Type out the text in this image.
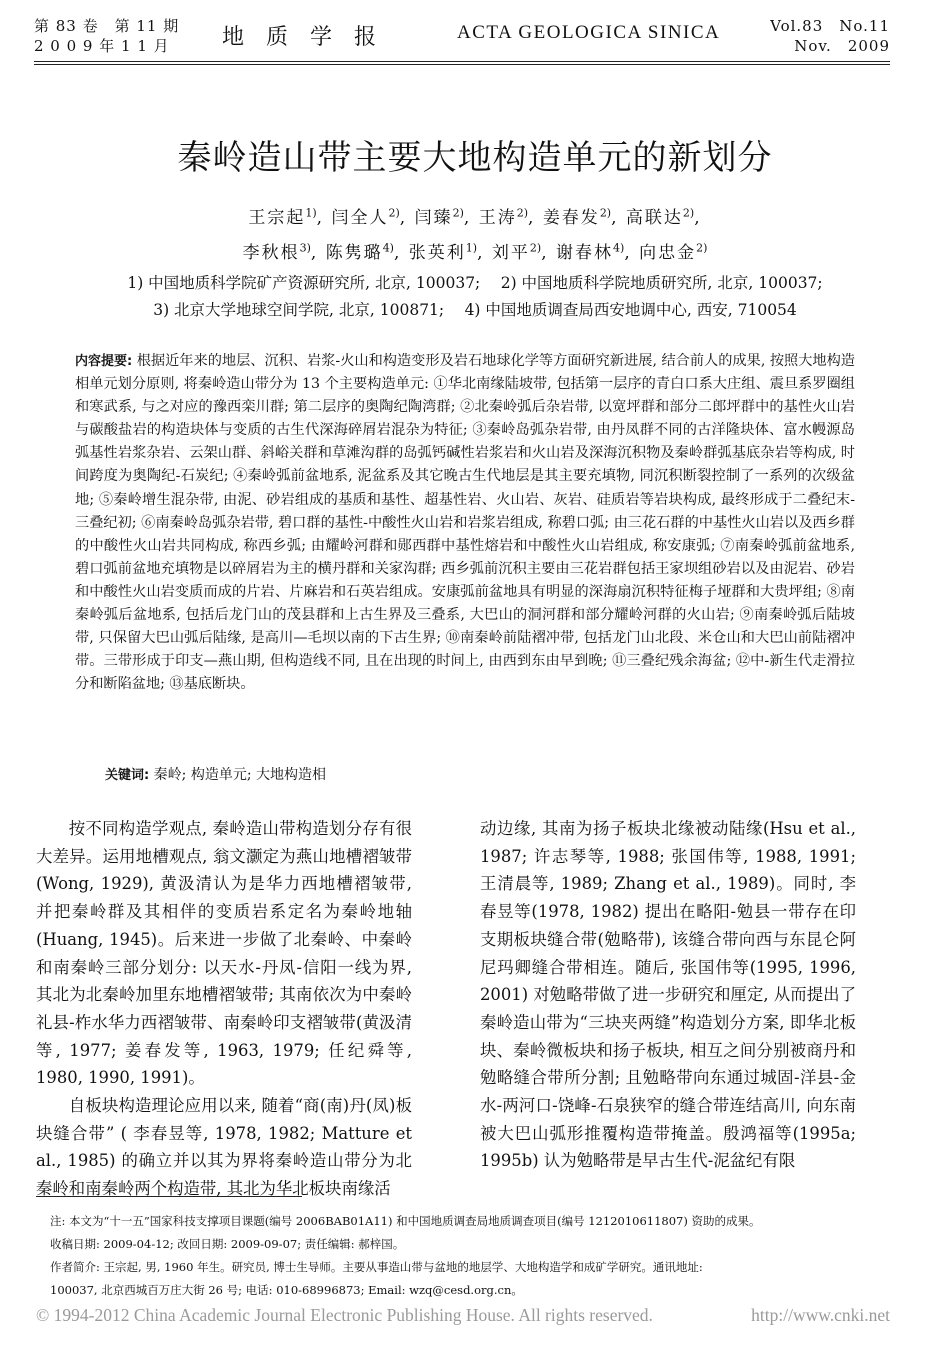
第 83 卷　第 11 期
2 0 0 9 年 1 1 月	地质学报	ACTA GEOLOGICA SINICA	Vol.83　No.11
Nov.　2009
秦岭造山带主要大地构造单元的新划分
王宗起$^{1)}$, 闫全人$^{2)}$, 闫臻$^{2)}$, 王涛$^{2)}$, 姜春发$^{2)}$, 高联达$^{2)}$,
李秋根$^{3)}$, 陈隽璐$^{4)}$, 张英利$^{1)}$, 刘平$^{2)}$, 谢春林$^{4)}$, 向忠金$^{2)}$
1) 中国地质科学院矿产资源研究所, 北京, 100037;　 2) 中国地质科学院地质研究所, 北京, 100037;
3) 北京大学地球空间学院, 北京, 100871;　 4) 中国地质调查局西安地调中心, 西安, 710054
内容提要: 根据近年来的地层、沉积、岩浆-火山和构造变形及岩石地球化学等方面研究新进展, 结合前人的成果, 按照大地构造相单元划分原则, 将秦岭造山带分为 13 个主要构造单元: ①华北南缘陆坡带, 包括第一层序的青白口系大庄组、震旦系罗圈组和寒武系, 与之对应的豫西栾川群; 第二层序的奥陶纪陶湾群; ②北秦岭弧后杂岩带, 以宽坪群和部分二郎坪群中的基性火山岩与碳酸盐岩的构造块体与变质的古生代深海碎屑岩混杂为特征; ③秦岭岛弧杂岩带, 由丹凤群不同的古洋隆块体、富水幔源岛弧基性岩浆杂岩、云架山群、斜峪关群和草滩沟群的岛弧钙碱性岩浆岩和火山岩及深海沉积物及秦岭群弧基底杂岩等构成, 时间跨度为奥陶纪-石炭纪; ④秦岭弧前盆地系, 泥盆系及其它晚古生代地层是其主要充填物, 同沉积断裂控制了一系列的次级盆地; ⑤秦岭增生混杂带, 由泥、砂岩组成的基质和基性、超基性岩、火山岩、灰岩、硅质岩等岩块构成, 最终形成于二叠纪末-三叠纪初; ⑥南秦岭岛弧杂岩带, 碧口群的基性-中酸性火山岩和岩浆岩组成, 称碧口弧; 由三花石群的中基性火山岩以及西乡群的中酸性火山岩共同构成, 称西乡弧; 由耀岭河群和郧西群中基性熔岩和中酸性火山岩组成, 称安康弧; ⑦南秦岭弧前盆地系, 碧口弧前盆地充填物是以碎屑岩为主的横丹群和关家沟群; 西乡弧前沉积主要由三花岩群包括王家坝组砂岩以及由泥岩、砂岩和中酸性火山岩变质而成的片岩、片麻岩和石英岩组成。安康弧前盆地具有明显的深海扇沉积特征梅子垭群和大贵坪组; ⑧南秦岭弧后盆地系, 包括后龙门山的茂县群和上古生界及三叠系, 大巴山的洞河群和部分耀岭河群的火山岩; ⑨南秦岭弧后陆坡带, 只保留大巴山弧后陆缘, 是高川—毛坝以南的下古生界; ⑩南秦岭前陆褶冲带, 包括龙门山北段、米仓山和大巴山前陆褶冲带。三带形成于印支—燕山期, 但构造线不同, 且在出现的时间上, 由西到东由早到晚; ⑪三叠纪残余海盆; ⑫中-新生代走滑拉分和断陷盆地; ⑬基底断块。
关键词: 秦岭; 构造单元; 大地构造相

按不同构造学观点, 秦岭造山带构造划分存有很大差异。运用地槽观点, 翁文灏定为燕山地槽褶皱带(Wong, 1929), 黄汲清认为是华力西地槽褶皱带, 并把秦岭群及其相伴的变质岩系定名为秦岭地轴(Huang, 1945)。后来进一步做了北秦岭、中秦岭和南秦岭三部分划分: 以天水-丹凤-信阳一线为界, 其北为北秦岭加里东地槽褶皱带; 其南依次为中秦岭礼县-柞水华力西褶皱带、南秦岭印支褶皱带(黄汲清等, 1977; 姜春发等, 1963, 1979; 任纪舜等, 1980, 1990, 1991)。

自板块构造理论应用以来, 随着“商(南)丹(凤)板块缝合带” ( 李春昱等, 1978, 1982; Matture et al., 1985) 的确立并以其为界将秦岭造山带分为北秦岭和南秦岭两个构造带, 其北为华北板块南缘活

动边缘, 其南为扬子板块北缘被动陆缘(Hsu et al., 1987; 许志琴等, 1988; 张国伟等, 1988, 1991; 王清晨等, 1989; Zhang et al., 1989)。同时, 李春昱等(1978, 1982) 提出在略阳-勉县一带存在印支期板块缝合带(勉略带), 该缝合带向西与东昆仑阿尼玛卿缝合带相连。随后, 张国伟等(1995, 1996, 2001) 对勉略带做了进一步研究和厘定, 从而提出了秦岭造山带为“三块夹两缝”构造划分方案, 即华北板块、秦岭微板块和扬子板块, 相互之间分别被商丹和勉略缝合带所分割; 且勉略带向东通过城固-洋县-金水-两河口-饶峰-石泉狭窄的缝合带连结高川, 向东南被大巴山弧形推覆构造带掩盖。殷鸿福等(1995a; 1995b) 认为勉略带是早古生代-泥盆纪有限

注: 本文为“十一五”国家科技支撑项目课题(编号 2006BAB01A11) 和中国地质调查局地质调查项目(编号 1212010611807) 资助的成果。
收稿日期: 2009-04-12; 改回日期: 2009-09-07; 责任编辑: 郝梓国。
作者简介: 王宗起, 男, 1960 年生。研究员, 博士生导师。主要从事造山带与盆地的地层学、大地构造学和成矿学研究。通讯地址:
100037, 北京西城百万庄大街 26 号; 电话: 010-68996873; Email: wzq@cesd.org.cn。
© 1994-2012 China Academic Journal Electronic Publishing House. All rights reserved.	http://www.cnki.net
